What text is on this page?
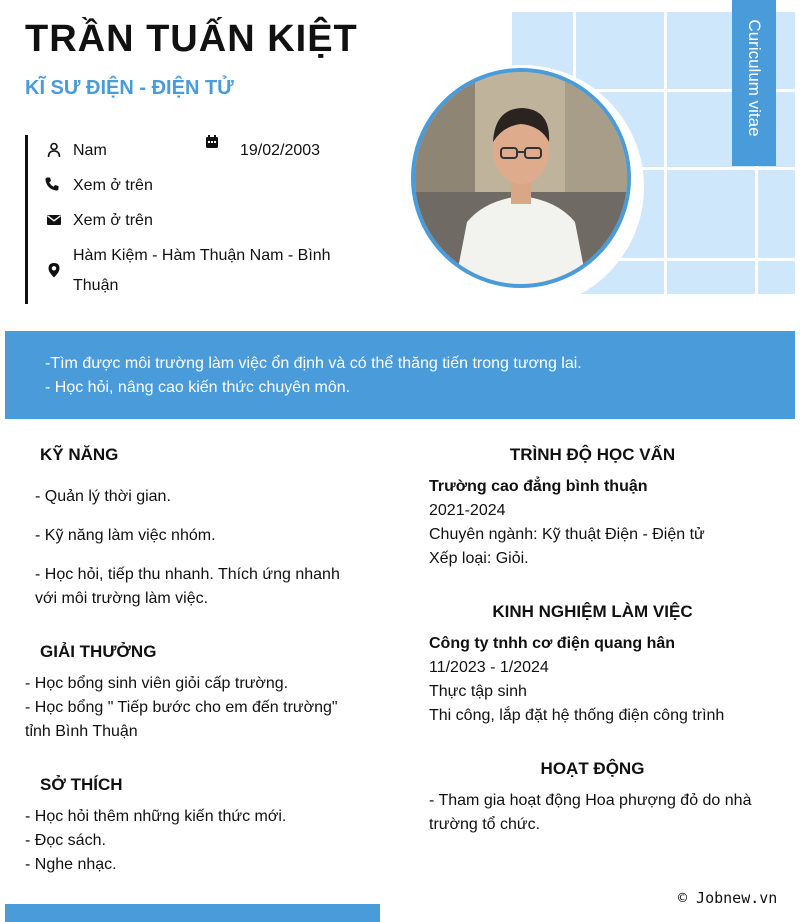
Curiculum vitae
TRẦN TUẤN KIỆT
KĨ SƯ ĐIỆN - ĐIỆN TỬ
Nam	19/02/2003
Xem ở trên
Xem ở trên
Hàm Kiệm - Hàm Thuận Nam - Bình
Thuận
-Tìm được môi trường làm việc ổn định và có thể thăng tiến trong tương lai.
- Học hỏi, nâng cao kiến thức chuyên môn.
KỸ NĂNG
- Quản lý thời gian.
- Kỹ năng làm việc nhóm.
- Học hỏi, tiếp thu nhanh. Thích ứng nhanh
với môi trường làm việc.
GIẢI THƯỞNG
- Học bổng sinh viên giỏi cấp trường.
- Học bổng " Tiếp bước cho em đến trường"
tỉnh Bình Thuận
SỞ THÍCH
- Học hỏi thêm những kiến thức mới.
- Đọc sách.
- Nghe nhạc.
TRÌNH ĐỘ HỌC VẤN
Trường cao đẳng bình thuận
2021-2024
Chuyên ngành: Kỹ thuật Điện - Điện tử
Xếp loại: Giỏi.
KINH NGHIỆM LÀM VIỆC
Công ty tnhh cơ điện quang hân
11/2023 - 1/2024
Thực tập sinh
Thi công, lắp đặt hệ thống điện công trình
HOẠT ĐỘNG
- Tham gia hoạt động Hoa phượng đỏ do nhà
trường tổ chức.
© Jobnew.vn
